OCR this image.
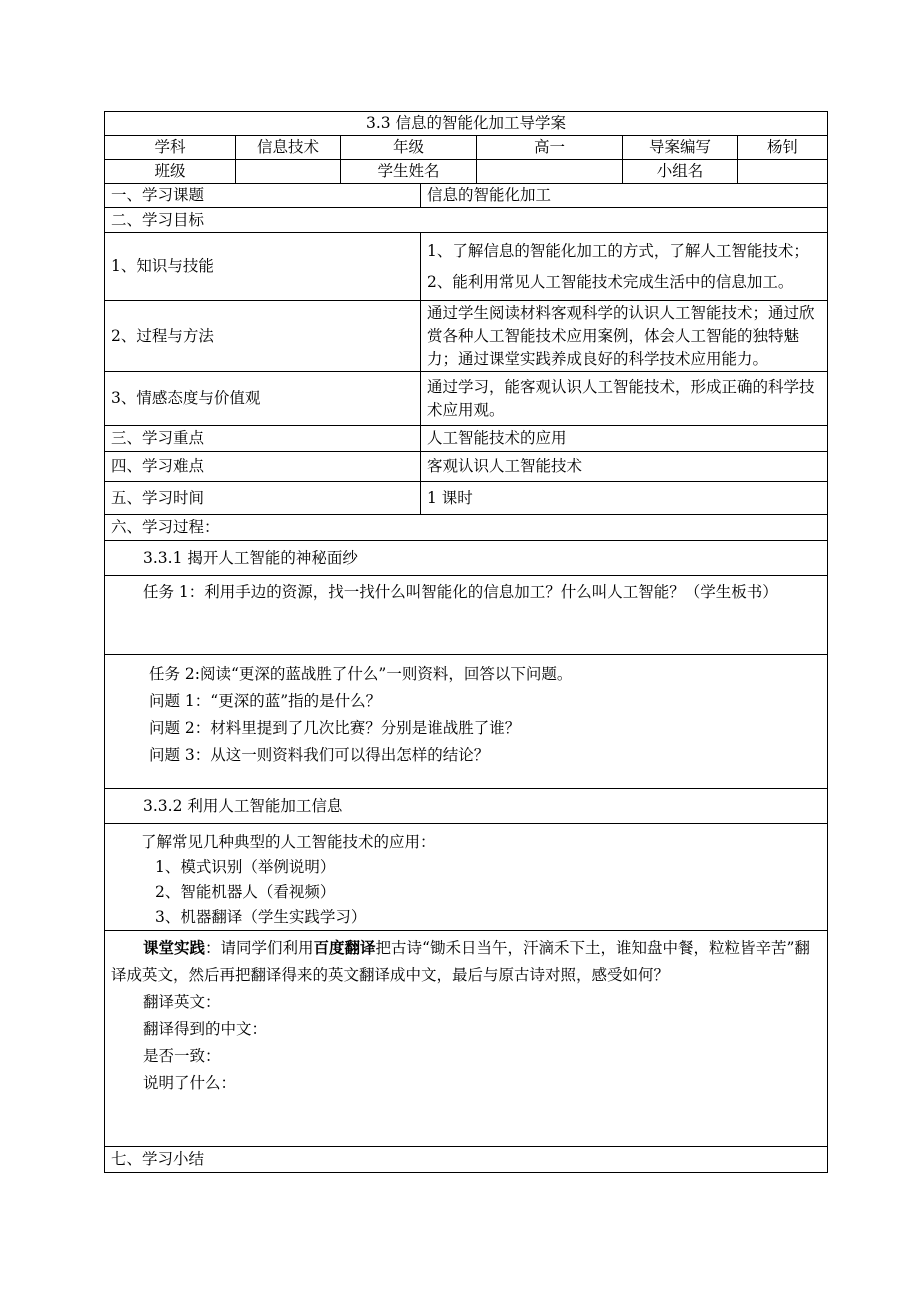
3.3 信息的智能化加工导学案						
学科	信息技术	年级		高一	导案编写	杨钊
班级		学生姓名			小组名	
一、学习课题			信息的智能化加工			
二、学习目标						
1、知识与技能			1、了解信息的智能化加工的方式，了解人工智能技术；

2、能利用常见人工智能技术完成生活中的信息加工。			

2、过程与方法			通过学生阅读材料客观科学的认识人工智能技术；通过欣赏各种人工智能技术应用案例，体会人工智能的独特魅力；通过课堂实践养成良好的科学技术应用能力。			
3、情感态度与价值观			通过学习，能客观认识人工智能技术，形成正确的科学技术应用观。			
三、学习重点			人工智能技术的应用			
四、学习难点			客观认识人工智能技术			
五、学习时间			1 课时			
六、学习过程：						
3.3.1 揭开人工智能的神秘面纱						

任务 1：利用手边的资源，找一找什么叫智能化的信息加工？什么叫人工智能？（学生板书）						

任务 2:阅读“更深的蓝战胜了什么”一则资料，回答以下问题。

问题 1：“更深的蓝”指的是什么？

问题 2：材料里提到了几次比赛？分别是谁战胜了谁？

问题 3：从这一则资料我们可以得出怎样的结论？						

3.3.2 利用人工智能加工信息						

了解常见几种典型的人工智能技术的应用：

1、模式识别（举例说明）

2、智能机器人（看视频）

3、机器翻译（学生实践学习）						

课堂实践：请同学们利用百度翻译把古诗“锄禾日当午，汗滴禾下土，谁知盘中餐，粒粒皆辛苦”翻译成英文，然后再把翻译得来的英文翻译成中文，最后与原古诗对照，感受如何？

翻译英文：

翻译得到的中文：

是否一致：

说明了什么：						

七、学习小结						
